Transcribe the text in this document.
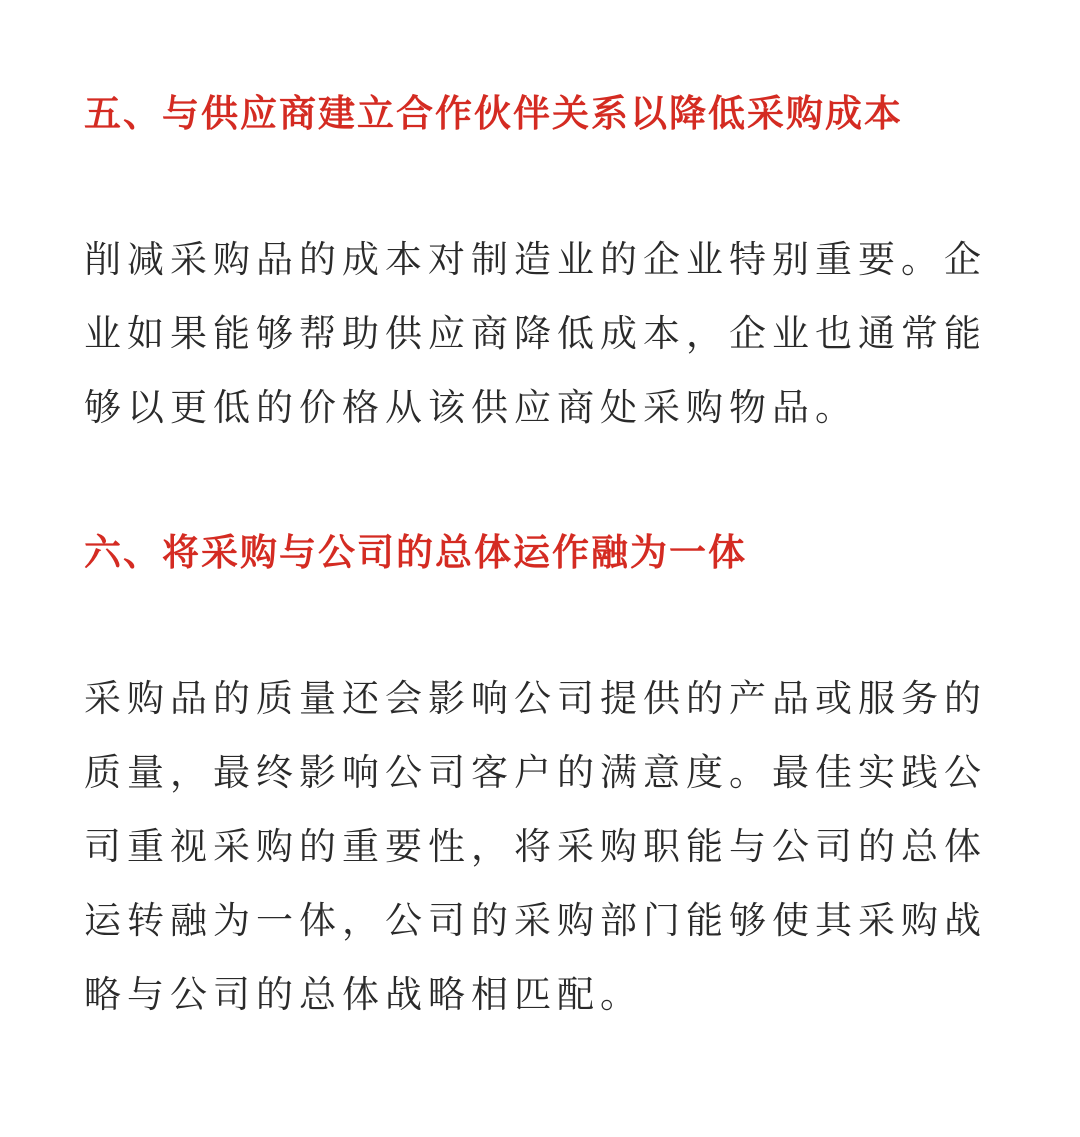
五、与供应商建立合作伙伴关系以降低采购成本

削减采购品的成本对制造业的企业特别重要。企业如果能够帮助供应商降低成本，企业也通常能够以更低的价格从该供应商处采购物品。

六、将采购与公司的总体运作融为一体

采购品的质量还会影响公司提供的产品或服务的质量，最终影响公司客户的满意度。最佳实践公司重视采购的重要性，将采购职能与公司的总体运转融为一体，公司的采购部门能够使其采购战略与公司的总体战略相匹配。
